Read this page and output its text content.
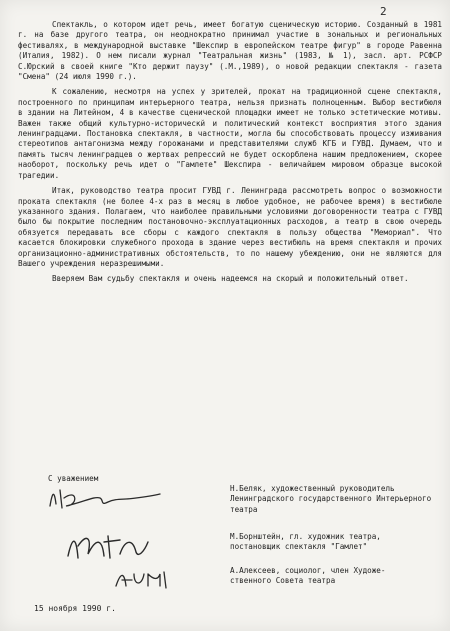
2

Спектакль, о котором идет речь, имеет богатую сценическую историю. Созданный в 1981 г. на базе другого театра, он неоднократно принимал участие в зональных и региональных фестивалях, в международной выставке "Шекспир в европейском театре фигур" в городе Равенна (Италия, 1982). О нем писали журнал "Театральная жизнь" (1983, № 1), засл. арт. РСФСР С.Юрский в своей книге "Кто держит паузу" (.М.,1989), о новой редакции спектакля - газета "Смена" (24 июля 1990 г.).

К сожалению, несмотря на успех у зрителей, прокат на традиционной сцене спектакля, построенного по принципам интерьерного театра, нельзя признать полноценным. Выбор вестибюля в здании на Литейном, 4 в качестве сценической площадки имеет не только эстетические мотивы. Важен также общий культурно-историческй и политический контекст восприятия этого здания ленинградцами. Постановка спектакля, в частности, могла бы способствовать процессу изживания стереотипов антагонизма между горожанами и представителями служб КГБ и ГУВД. Думаем, что и память тысяч ленинградцев о жертвах репрессий не будет оскорблена нашим предложением, скорее наоборот, поскольку речь идет о "Гамлете" Шекспира - величайшем мировом образце высокой трагедии.

Итак, руководство театра просит ГУВД г. Ленинграда рассмотреть вопрос о возможности проката спектакля (не более 4-х раз в месяц в любое удобное, не рабочее время) в вестибюле указанного здания. Полагаем, что наиболее правильными условиями договоренности театра с ГУВД было бы покрытие последним постановочно-эксплуатационных расходов, а театр в свою очередь обязуется передавать все сборы с каждого спектакля в пользу общества "Мемориал". Что касается блокировки служебного прохода в здание через вестибюль на время спектакля и прочих организационно-административных обстоятельств, то по нашему убеждению, они не являются для Вашего учреждения неразрешимыми.

Вверяем Вам судьбу спектакля и очень надеемся на скорый и положительный ответ.

С уважением
Н.Беляк, художественный руководитель
Ленинградского государственного Интерьерного театра
М.Борнштейн, гл. художник театра,
постановщик спектакля "Гамлет"
А.Алексеев, социолог, член Художе-
ственного Совета театра
15 ноября 1990 г.
